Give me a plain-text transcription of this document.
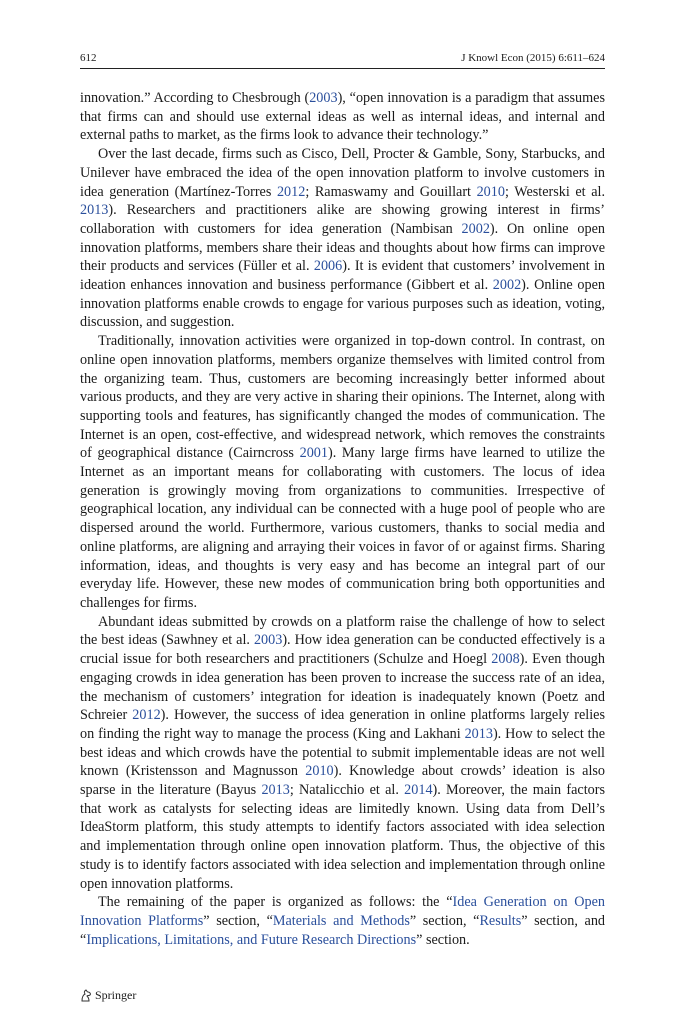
612	J Knowl Econ (2015) 6:611–624

innovation.” According to Chesbrough (2003), “open innovation is a paradigm that assumes that firms can and should use external ideas as well as internal ideas, and internal and external paths to market, as the firms look to advance their technology.”

Over the last decade, firms such as Cisco, Dell, Procter & Gamble, Sony, Starbucks, and Unilever have embraced the idea of the open innovation platform to involve customers in idea generation (Martínez-Torres 2012; Ramaswamy and Gouillart 2010; Westerski et al. 2013). Researchers and practitioners alike are showing growing interest in firms’ collaboration with customers for idea generation (Nambisan 2002). On online open innovation platforms, members share their ideas and thoughts about how firms can improve their products and services (Füller et al. 2006). It is evident that customers’ involvement in ideation enhances innovation and business performance (Gibbert et al. 2002). Online open innovation platforms enable crowds to engage for various purposes such as ideation, voting, discussion, and suggestion.

Traditionally, innovation activities were organized in top-down control. In contrast, on online open innovation platforms, members organize themselves with limited control from the organizing team. Thus, customers are becoming increasingly better informed about various products, and they are very active in sharing their opinions. The Internet, along with supporting tools and features, has significantly changed the modes of communication. The Internet is an open, cost-effective, and widespread network, which removes the constraints of geographical distance (Cairncross 2001). Many large firms have learned to utilize the Internet as an important means for collaborating with customers. The locus of idea generation is growingly moving from organizations to communities. Irrespective of geographical location, any individual can be connected with a huge pool of people who are dispersed around the world. Furthermore, various customers, thanks to social media and online platforms, are aligning and arraying their voices in favor of or against firms. Sharing information, ideas, and thoughts is very easy and has become an integral part of our everyday life. However, these new modes of communication bring both opportunities and challenges for firms.

Abundant ideas submitted by crowds on a platform raise the challenge of how to select the best ideas (Sawhney et al. 2003). How idea generation can be conducted effectively is a crucial issue for both researchers and practitioners (Schulze and Hoegl 2008). Even though engaging crowds in idea generation has been proven to increase the success rate of an idea, the mechanism of customers’ integration for ideation is inadequately known (Poetz and Schreier 2012). However, the success of idea generation in online platforms largely relies on finding the right way to manage the process (King and Lakhani 2013). How to select the best ideas and which crowds have the potential to submit implementable ideas are not well known (Kristensson and Magnusson 2010). Knowledge about crowds’ ideation is also sparse in the literature (Bayus 2013; Natalicchio et al. 2014). Moreover, the main factors that work as catalysts for selecting ideas are limitedly known. Using data from Dell’s IdeaStorm platform, this study attempts to identify factors associated with idea selection and implementation through online open innovation platform. Thus, the objective of this study is to identify factors associated with idea selection and implementation through online open innovation platforms.

The remaining of the paper is organized as follows: the “Idea Generation on Open Innovation Platforms” section, “Materials and Methods” section, “Results” section, and “Implications, Limitations, and Future Research Directions” section.

Springer
